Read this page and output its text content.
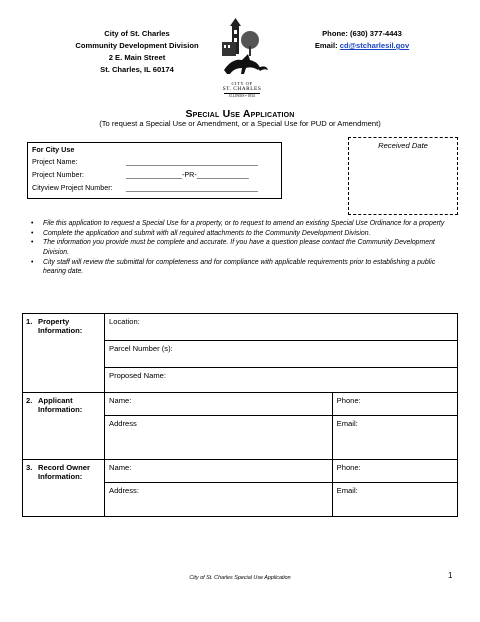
City of St. Charles
Community Development Division
2 E. Main Street
St. Charles, IL 60174
CITY OF
ST. CHARLES
ILLINOIS • 1834
Phone: (630) 377-4443
Email: cd@stcharlesil.gov
Special Use Application
(To request a Special Use or Amendment, or a Special Use for PUD or Amendment)
For City Use
Project Name:	_________________________________
Project Number:	______________-PR-_____________
Cityview Project Number: _________________________________
Received Date
• File this application to request a Special Use for a property, or to request to amend an existing Special Use Ordinance for a property
• Complete the application and submit with all required attachments to the Community Development Division.
• The information you provide must be complete and accurate. If you have a question please contact the Community Development Division.
• City staff will review the submittal for completeness and for compliance with applicable requirements prior to establishing a public hearing date.
1. Property Information:	Location:	
	Parcel Number (s):	
	Proposed Name:	

2. Applicant Information:	Name:	Phone:
	Address	Email:

3. Record Owner Information:	Name:	Phone:
	Address:	Email:
City of St. Charles Special Use Application	1
